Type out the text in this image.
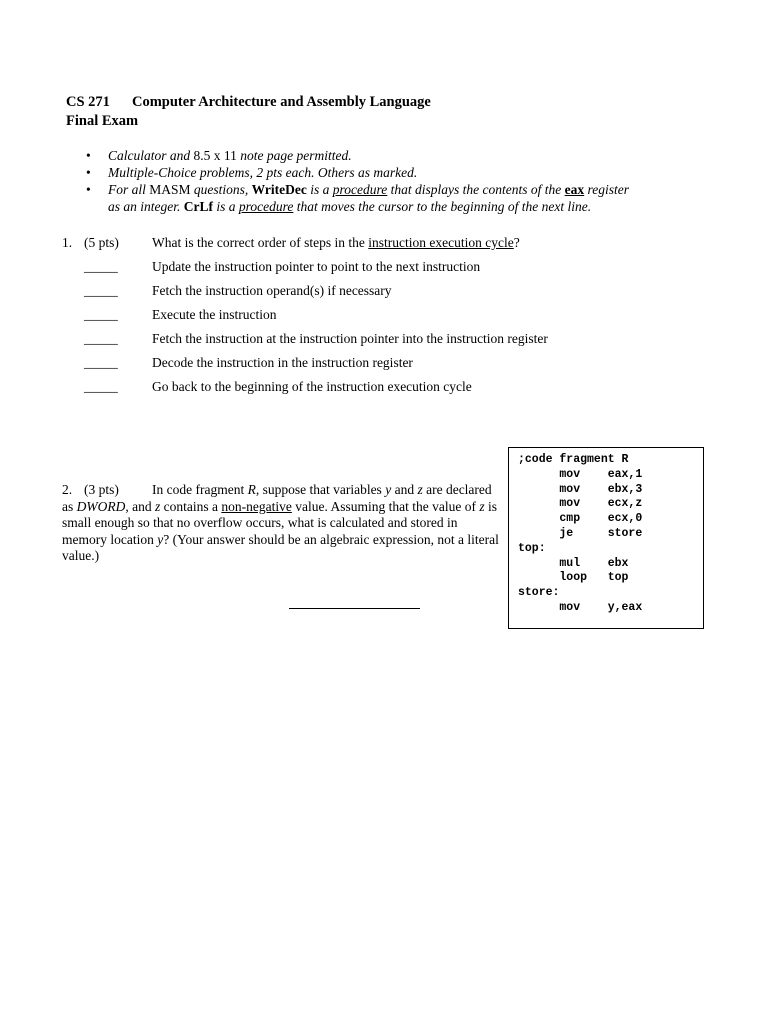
CS 271 Computer Architecture and Assembly Language
Final Exam
• Calculator and 8.5 x 11 note page permitted.
• Multiple-Choice problems, 2 pts each. Others as marked.
• For all MASM questions, WriteDec is a procedure that displays the contents of the eax register
as an integer. CrLf is a procedure that moves the cursor to the beginning of the next line.
1. (5 pts)	What is the correct order of steps in the instruction execution cycle?
_____	Update the instruction pointer to point to the next instruction
_____	Fetch the instruction operand(s) if necessary
_____	Execute the instruction
_____	Fetch the instruction at the instruction pointer into the instruction register
_____	Decode the instruction in the instruction register
_____	Go back to the beginning of the instruction execution cycle
2. (3 pts) In code fragment R, suppose that variables y and z are declared as DWORD, and z contains a non-negative value. Assuming that the value of z is small enough so that no overflow occurs, what is calculated and stored in memory location y? (Your answer should be an algebraic expression, not a literal value.)
;code fragment R
mov    eax,1
mov    ebx,3
mov    ecx,z
cmp    ecx,0
je     store
top:
mul    ebx
loop   top
store:
mov    y,eax
